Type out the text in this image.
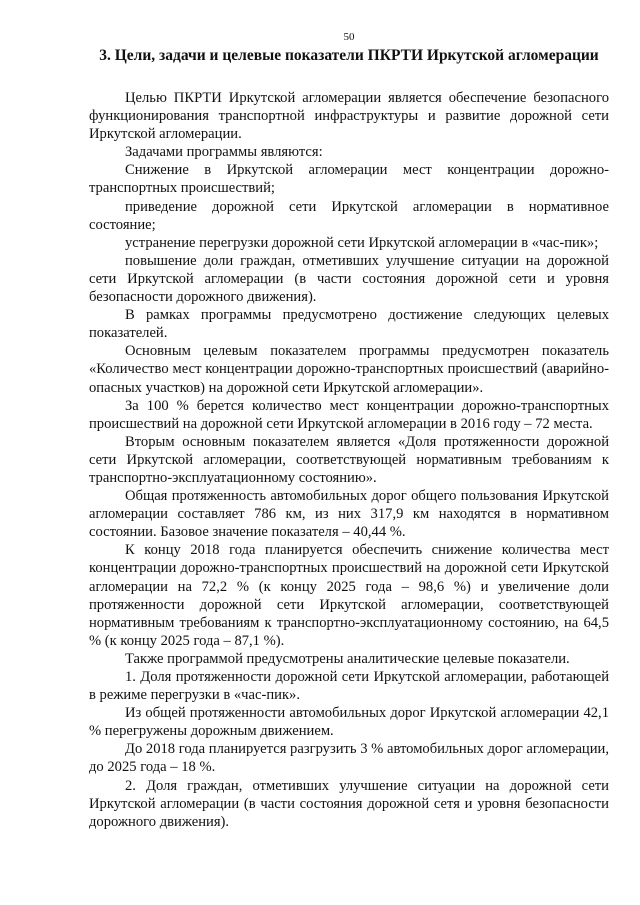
50
3. Цели, задачи и целевые показатели ПКРТИ Иркутской агломерации

Целью ПКРТИ Иркутской агломерации является обеспечение безопасного функционирования транспортной инфраструктуры и развитие дорожной сети Иркутской агломерации.

Задачами программы являются:

Снижение в Иркутской агломерации мест концентрации дорожно-транспортных происшествий;

приведение дорожной сети Иркутской агломерации в нормативное состояние;

устранение перегрузки дорожной сети Иркутской агломерации в «час-пик»;

повышение доли граждан, отметивших улучшение ситуации на дорожной сети Иркутской агломерации (в части состояния дорожной сети и уровня безопасности дорожного движения).

В рамках программы предусмотрено достижение следующих целевых показателей.

Основным целевым показателем программы предусмотрен показатель «Количество мест концентрации дорожно-транспортных происшествий (аварийно-опасных участков) на дорожной сети Иркутской агломерации».

За 100 % берется количество мест концентрации дорожно-транспортных происшествий на дорожной сети Иркутской агломерации в 2016 году – 72 места.

Вторым основным показателем является «Доля протяженности дорожной сети Иркутской агломерации, соответствующей нормативным требованиям к транспортно-эксплуатационному состоянию».

Общая протяженность автомобильных дорог общего пользования Иркутской агломерации составляет 786 км, из них 317,9 км находятся в нормативном состоянии. Базовое значение показателя – 40,44 %.

К концу 2018 года планируется обеспечить снижение количества мест концентрации дорожно-транспортных происшествий на дорожной сети Иркутской агломерации на 72,2 % (к концу 2025 года – 98,6 %) и увеличение доли протяженности дорожной сети Иркутской агломерации, соответствующей нормативным требованиям к транспортно-эксплуатационному состоянию, на 64,5 % (к концу 2025 года – 87,1 %).

Также программой предусмотрены аналитические целевые показатели.

1. Доля протяженности дорожной сети Иркутской агломерации, работающей в режиме перегрузки в «час-пик».

Из общей протяженности автомобильных дорог Иркутской агломерации 42,1 % перегружены дорожным движением.

До 2018 года планируется разгрузить 3 % автомобильных дорог агломерации, до 2025 года – 18 %.

2. Доля граждан, отметивших улучшение ситуации на дорожной сети Иркутской агломерации (в части состояния дорожной сетя и уровня безопасности дорожного движения).
